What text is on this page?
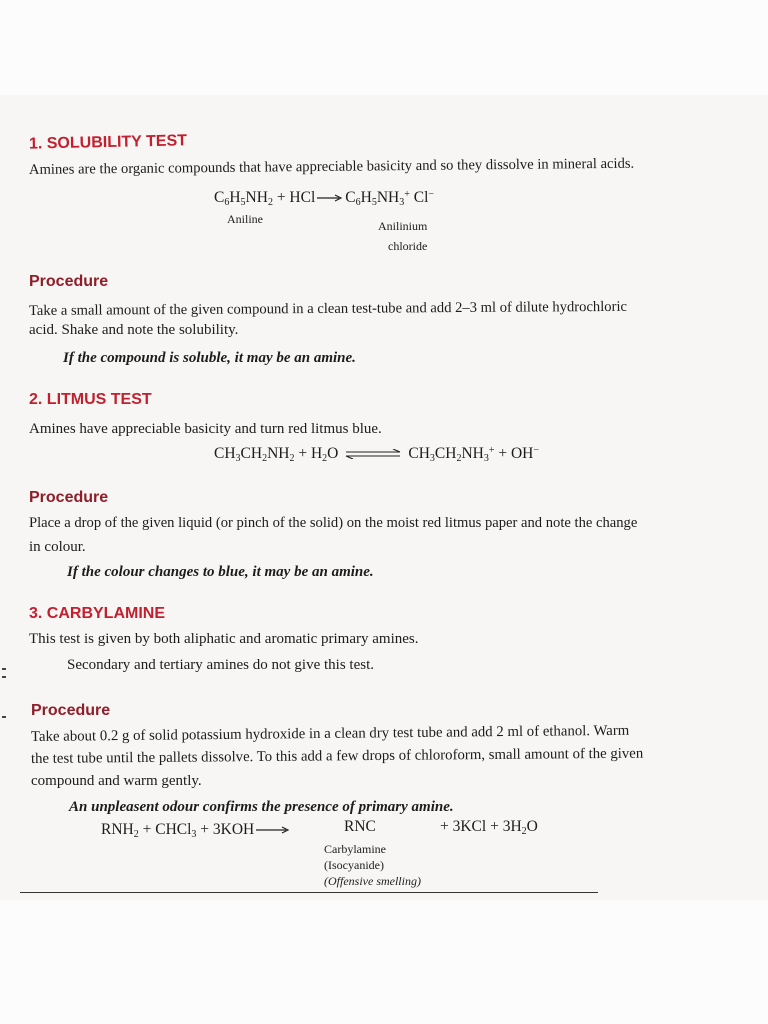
1. SOLUBILITY TEST
Amines are the organic compounds that have appreciable basicity and so they dissolve in mineral acids.
$C_6H_5NH_2$ + HCl → $C_6H_5NH_3^+$ Cl−
Aniline	Anilinium
chloride
Procedure
Take a small amount of the given compound in a clean test-tube and add 2–3 ml of dilute hydrochloric
acid. Shake and note the solubility.
If the compound is soluble, it may be an amine.
2. LITMUS TEST
Amines have appreciable basicity and turn red litmus blue.
$CH_3CH_2NH_2 + H_2O$ ⇌ $CH_3CH_2NH_3^+ + OH^-$
Procedure
Place a drop of the given liquid (or pinch of the solid) on the moist red litmus paper and note the change
in colour.
If the colour changes to blue, it may be an amine.
3. CARBYLAMINE
This test is given by both aliphatic and aromatic primary amines.
Secondary and tertiary amines do not give this test.
Procedure
Take about 0.2 g of solid potassium hydroxide in a clean dry test tube and add 2 ml of ethanol. Warm
the test tube until the pallets dissolve. To this add a few drops of chloroform, small amount of the given
compound and warm gently.
An unpleasent odour confirms the presence of primary amine.
$RNH_2$ + CHCl$_3$ + 3KOH →	RNC	+ $3KCl + 3H_2O$
Carbylamine
(Isocyanide)
(Offensive smelling)
